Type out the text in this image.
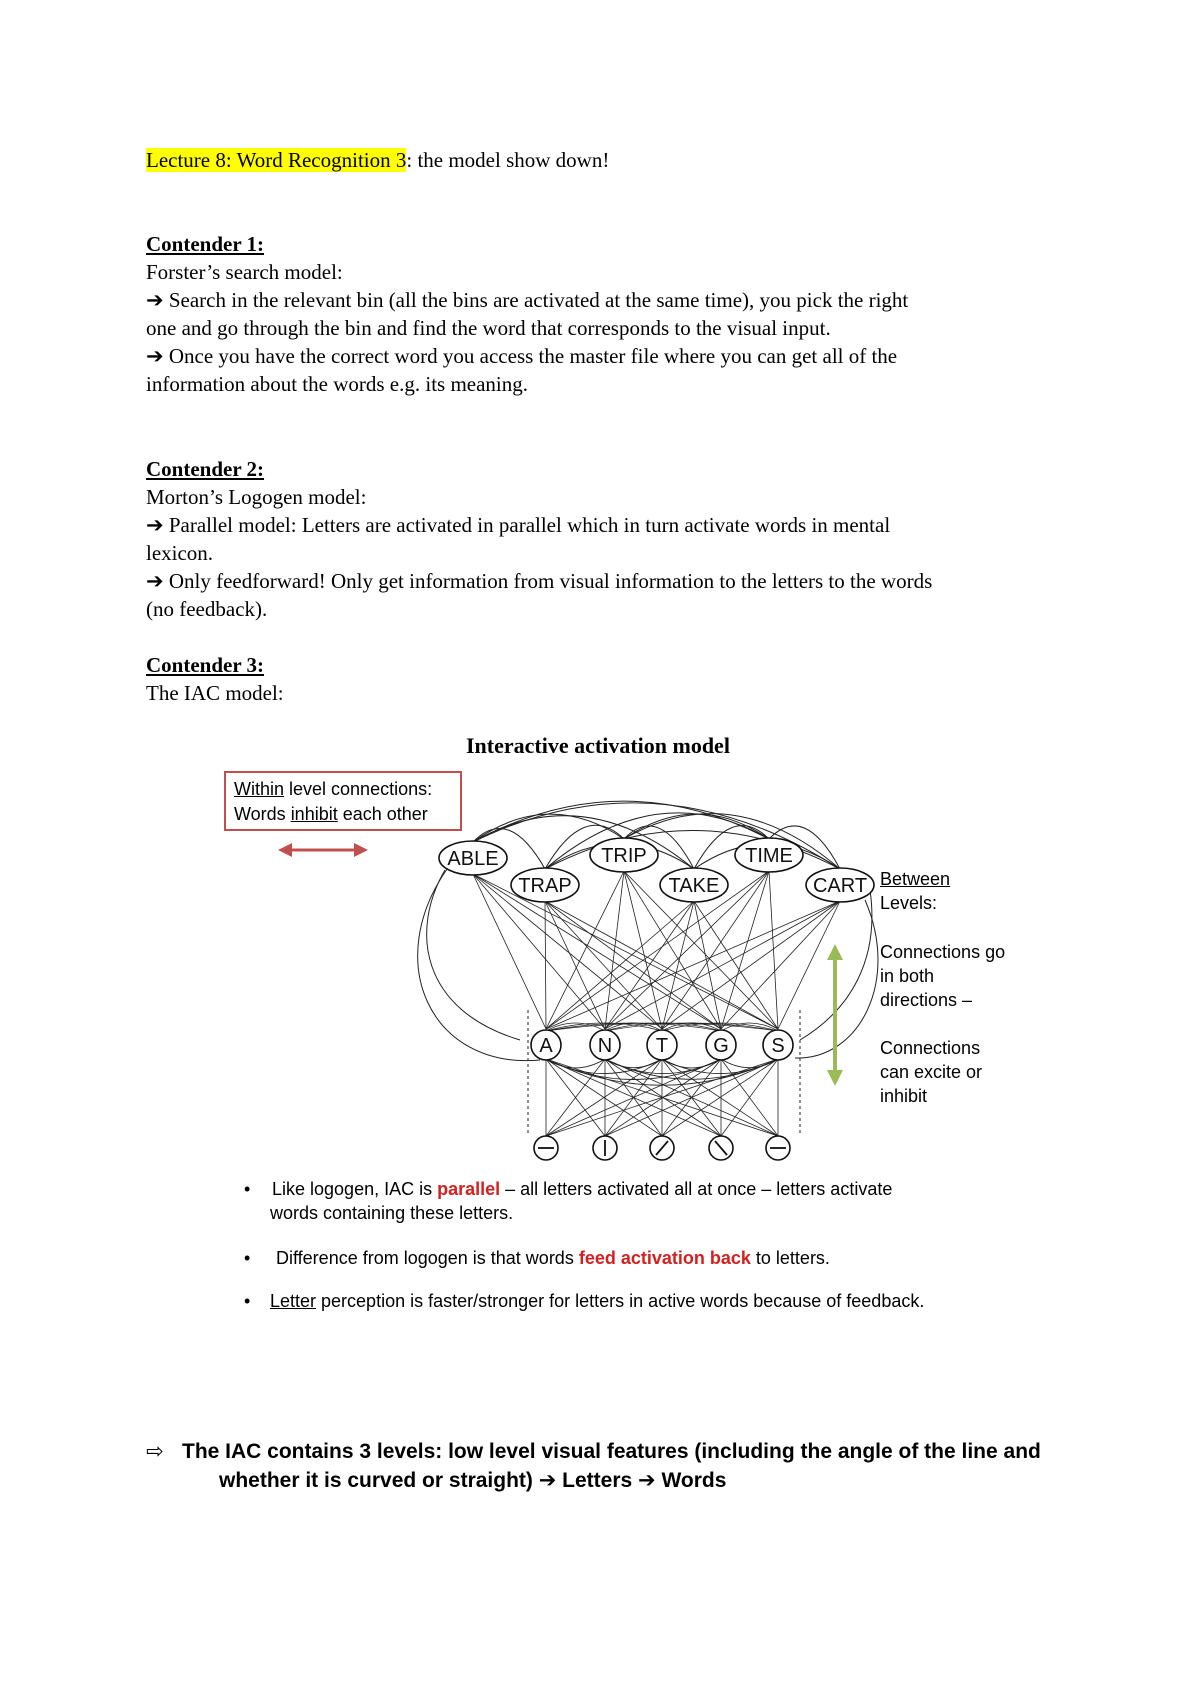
Lecture 8: Word Recognition 3: the model show down!
Contender 1:
Forster’s search model:
➔ Search in the relevant bin (all the bins are activated at the same time), you pick the right
one and go through the bin and find the word that corresponds to the visual input.
➔ Once you have the correct word you access the master file where you can get all of the
information about the words e.g. its meaning.
Contender 2:
Morton’s Logogen model:
➔ Parallel model: Letters are activated in parallel which in turn activate words in mental
lexicon.
➔ Only feedforward! Only get information from visual information to the letters to the words
(no feedback).
Contender 3:
The IAC model:
Interactive activation model
ABLE	TRIP	TIME
TRAP	TAKE	CART
A N T G S
Within level connections:
Words inhibit each other
Between
Levels:
Connections go
in both
directions –
Connections
can excite or
inhibit
• Like logogen, IAC is parallel – all letters activated all at once – letters activate
words containing these letters.
• Difference from logogen is that words feed activation back to letters.
• Letter perception is faster/stronger for letters in active words because of feedback.
⇨ The IAC contains 3 levels: low level visual features (including the angle of the line and
whether it is curved or straight) ➔ Letters ➔ Words
